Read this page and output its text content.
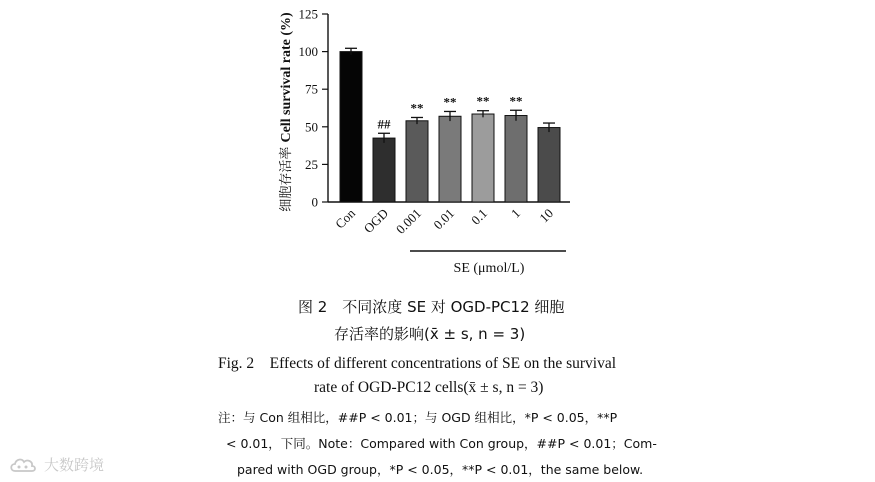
0
25
50
75
100
125
细胞存活率 Cell survival rate (%)
Con
##
OGD
**
0.001
**
0.01
**
0.1
**
1 10
SE (μmol/L)
图 2　不同浓度 SE 对 OGD-PC12 细胞
存活率的影响(x̄ ± s, n = 3)
Fig. 2　Effects of different concentrations of SE on the survival
rate of OGD-PC12 cells(x̄ ± s, n = 3)
注：与 Con 组相比，##P < 0.01；与 OGD 组相比，*P < 0.05，**P
< 0.01，下同。Note：Compared with Con group，##P < 0.01；Com-
pared with OGD group，*P < 0.05，**P < 0.01，the same below.
大数跨境
